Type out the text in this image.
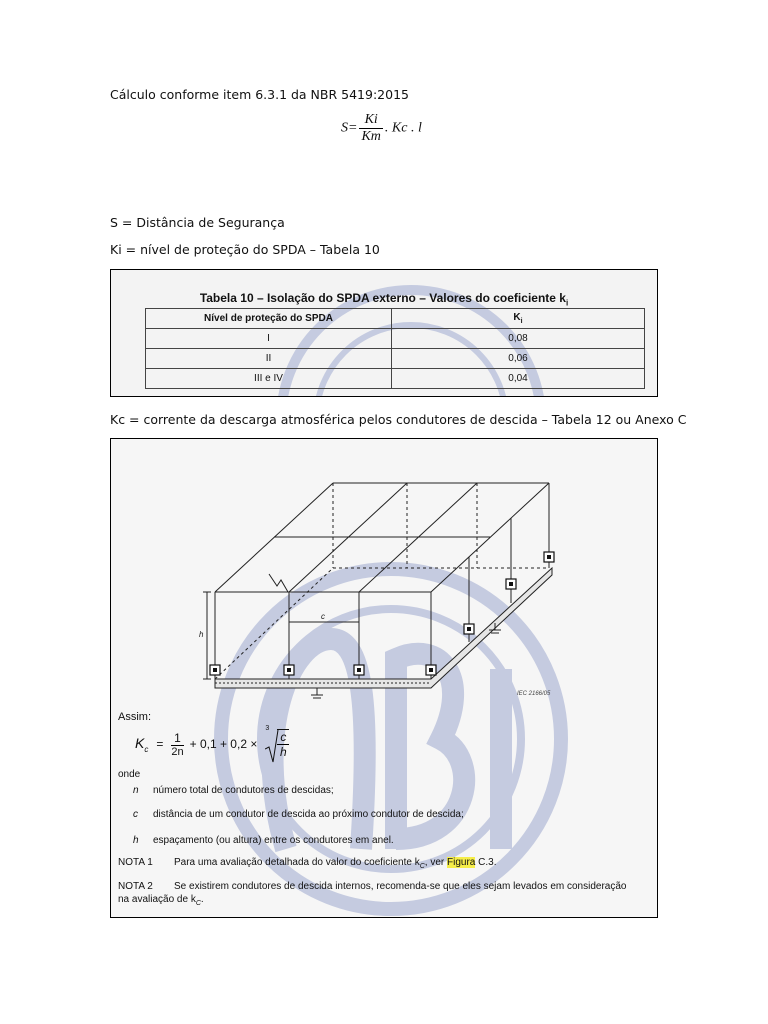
Cálculo conforme item 6.3.1 da NBR 5419:2015
$S= \frac{Ki}{Km}$ . Kc . l
S = Distância de Segurança
Ki = nível de proteção do SPDA – Tabela 10
Tabela 10 – Isolação do SPDA externo – Valores do coeficiente $k_i$
Nível de proteção do SPDA	$K_i$
I	0,08
II	0,06
III e IV	0,04
Kc = corrente da descarga atmosférica pelos condutores de descida – Tabela 12 ou Anexo C
h
c
IEC 2166/05
Assim:
$K_c = \frac{1}{2n} + 0,1 + 0,2$ ×
3
$\frac{c}{h}$
onde
n número total de condutores de descidas;
c distância de um condutor de descida ao próximo condutor de descida;
h espaçamento (ou altura) entre os condutores em anel.
NOTA 1 Para uma avaliação detalhada do valor do coeficiente $k_C$, ver Figura C.3.
NOTA 2 Se existirem condutores de descida internos, recomenda-se que eles sejam levados em consideração
na avaliação de $k_C$.
